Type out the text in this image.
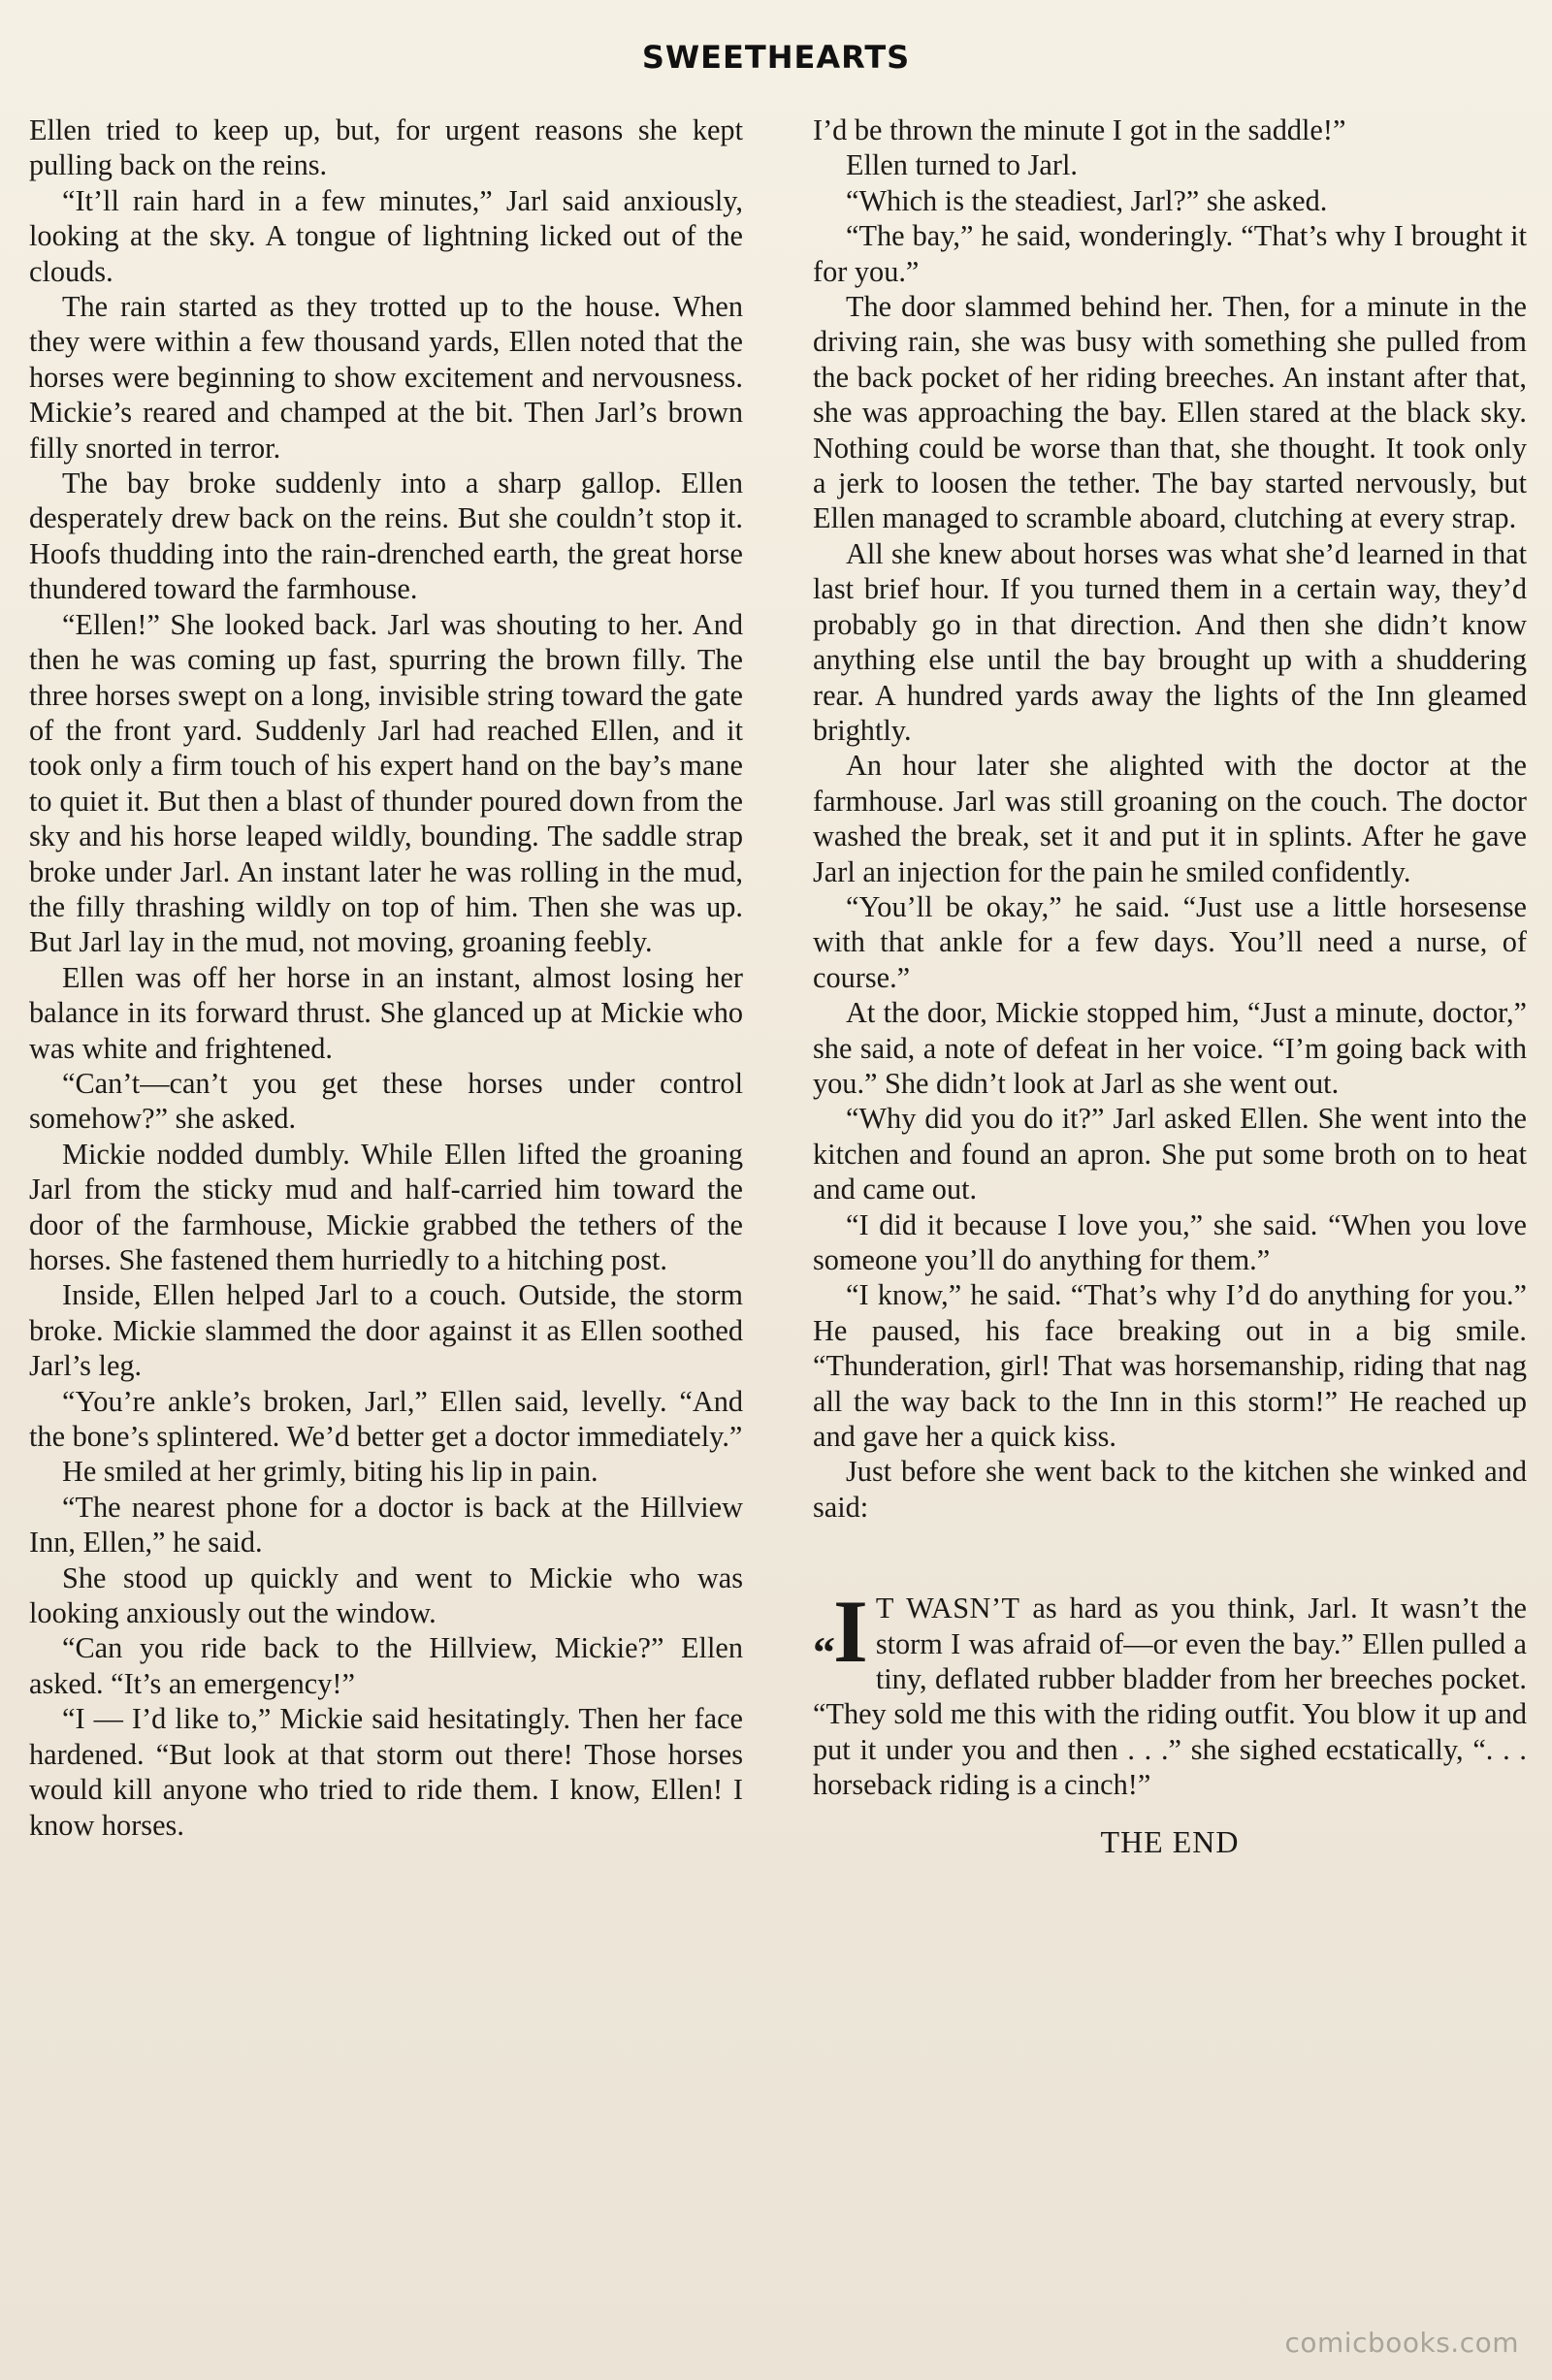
SWEETHEARTS

Ellen tried to keep up, but, for urgent reasons she kept pulling back on the reins.

“It’ll rain hard in a few minutes,” Jarl said anxiously, looking at the sky. A tongue of lightning licked out of the clouds.

The rain started as they trotted up to the house. When they were within a few thousand yards, Ellen noted that the horses were beginning to show excitement and nervousness. Mickie’s reared and champed at the bit. Then Jarl’s brown filly snorted in terror.

The bay broke suddenly into a sharp gallop. Ellen desperately drew back on the reins. But she couldn’t stop it. Hoofs thudding into the rain-drenched earth, the great horse thundered toward the farmhouse.

“Ellen!” She looked back. Jarl was shouting to her. And then he was coming up fast, spurring the brown filly. The three horses swept on a long, invisible string toward the gate of the front yard. Suddenly Jarl had reached Ellen, and it took only a firm touch of his expert hand on the bay’s mane to quiet it. But then a blast of thunder poured down from the sky and his horse leaped wildly, bounding. The saddle strap broke under Jarl. An instant later he was rolling in the mud, the filly thrashing wildly on top of him. Then she was up. But Jarl lay in the mud, not moving, groaning feebly.

Ellen was off her horse in an instant, almost losing her balance in its forward thrust. She glanced up at Mickie who was white and frightened.

“Can’t—can’t you get these horses under control somehow?” she asked.

Mickie nodded dumbly. While Ellen lifted the groaning Jarl from the sticky mud and half-carried him toward the door of the farmhouse, Mickie grabbed the tethers of the horses. She fastened them hurriedly to a hitching post.

Inside, Ellen helped Jarl to a couch. Outside, the storm broke. Mickie slammed the door against it as Ellen soothed Jarl’s leg.

“You’re ankle’s broken, Jarl,” Ellen said, levelly. “And the bone’s splintered. We’d better get a doctor immediately.”

He smiled at her grimly, biting his lip in pain.

“The nearest phone for a doctor is back at the Hillview Inn, Ellen,” he said.

She stood up quickly and went to Mickie who was looking anxiously out the window.

“Can you ride back to the Hillview, Mickie?” Ellen asked. “It’s an emergency!”

“I — I’d like to,” Mickie said hesitatingly. Then her face hardened. “But look at that storm out there! Those horses would kill anyone who tried to ride them. I know, Ellen! I know horses.

I’d be thrown the minute I got in the saddle!”

Ellen turned to Jarl.

“Which is the steadiest, Jarl?” she asked.

“The bay,” he said, wonderingly. “That’s why I brought it for you.”

The door slammed behind her. Then, for a minute in the driving rain, she was busy with something she pulled from the back pocket of her riding breeches. An instant after that, she was approaching the bay. Ellen stared at the black sky. Nothing could be worse than that, she thought. It took only a jerk to loosen the tether. The bay started nervously, but Ellen managed to scramble aboard, clutching at every strap.

All she knew about horses was what she’d learned in that last brief hour. If you turned them in a certain way, they’d probably go in that direction. And then she didn’t know anything else until the bay brought up with a shuddering rear. A hundred yards away the lights of the Inn gleamed brightly.

An hour later she alighted with the doctor at the farmhouse. Jarl was still groaning on the couch. The doctor washed the break, set it and put it in splints. After he gave Jarl an injection for the pain he smiled confidently.

“You’ll be okay,” he said. “Just use a little horsesense with that ankle for a few days. You’ll need a nurse, of course.”

At the door, Mickie stopped him, “Just a minute, doctor,” she said, a note of defeat in her voice. “I’m going back with you.” She didn’t look at Jarl as she went out.

“Why did you do it?” Jarl asked Ellen. She went into the kitchen and found an apron. She put some broth on to heat and came out.

“I did it because I love you,” she said. “When you love someone you’ll do anything for them.”

“I know,” he said. “That’s why I’d do anything for you.” He paused, his face breaking out in a big smile. “Thunderation, girl! That was horsemanship, riding that nag all the way back to the Inn in this storm!” He reached up and gave her a quick kiss.

Just before she went back to the kitchen she winked and said:

“I T WASN’T as hard as you think, Jarl. It wasn’t the storm I was afraid of—or even the bay.” Ellen pulled a tiny, deflated rubber bladder from her breeches pocket. “They sold me this with the riding outfit. You blow it up and put it under you and then . . .” she sighed ecstatically, “. . . horseback riding is a cinch!”

THE END
comicbooks.com
